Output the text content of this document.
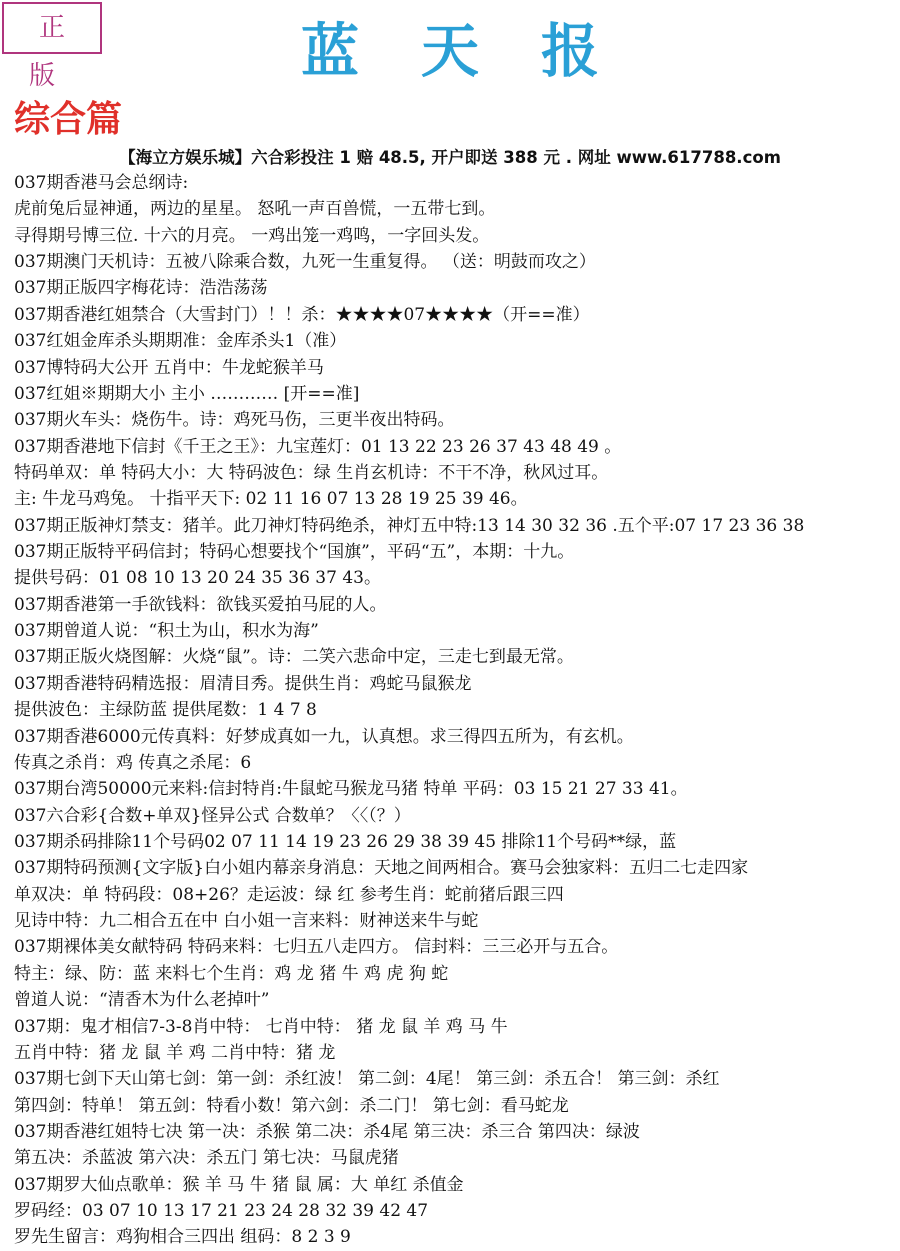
正版	蓝天报
综合篇
【海立方娱乐城】六合彩投注 1 赔 48.5, 开户即送 388 元 . 网址 www.617788.com
037期香港马会总纲诗:
虎前兔后显神通，两边的星星。 怒吼一声百兽慌，一五带七到。
寻得期号博三位. 十六的月亮。 一鸡出笼一鸡鸣，一字回头发。
037期澳门天机诗：五被八除乘合数，九死一生重复得。 （送：明鼓而攻之）
037期正版四字梅花诗：浩浩荡荡
037期香港红姐禁合（大雪封门）！！杀：★★★★07★★★★（开==准）
037红姐金库杀头期期准：金库杀头1（准）
037博特码大公开 五肖中：牛龙蛇猴羊马
037红姐※期期大小 主小 ………… [开==准]
037期火车头：烧伤牛。诗：鸡死马伤，三更半夜出特码。
037期香港地下信封《千王之王》：九宝莲灯：01 13 22 23 26 37 43 48 49 。
特码单双：单 特码大小：大 特码波色：绿 生肖玄机诗：不干不净，秋风过耳。
主: 牛龙马鸡兔。 十指平天下: 02 11 16 07 13 28 19 25 39 46。
037期正版神灯禁支：猪羊。此刀神灯特码绝杀，神灯五中特:13 14 30 32 36 .五个平:07 17 23 36 38
037期正版特平码信封；特码心想要找个“国旗”，平码“五”，本期：十九。
提供号码：01 08 10 13 20 24 35 36 37 43。
037期香港第一手欲钱料：欲钱买爱拍马屁的人。
037期曾道人说：“积土为山，积水为海”
037期正版火烧图解：火烧“鼠”。诗：二笑六悲命中定，三走七到最无常。
037期香港特码精选报：眉清目秀。提供生肖：鸡蛇马鼠猴龙
提供波色：主绿防蓝 提供尾数：1 4 7 8
037期香港6000元传真料：好梦成真如一九，认真想。求三得四五所为，有玄机。
传真之杀肖：鸡 传真之杀尾：6
037期台湾50000元来料:信封特肖:牛鼠蛇马猴龙马猪 特单 平码：03 15 21 27 33 41。
037六合彩{合数+单双}怪异公式 合数单？〈〈（？）
037期杀码排除11个号码02 07 11 14 19 23 26 29 38 39 45 排除11个号码**绿，蓝
037期特码预测{文字版}白小姐内幕亲身消息：天地之间两相合。赛马会独家料：五归二七走四家
单双决：单 特码段：08+26？走运波：绿 红 参考生肖：蛇前猪后跟三四
见诗中特：九二相合五在中 白小姐一言来料：财神送来牛与蛇
037期裸体美女献特码 特码来料：七归五八走四方。 信封料：三三必开与五合。
特主：绿、防：蓝 来料七个生肖：鸡 龙 猪 牛 鸡 虎 狗 蛇
曾道人说：“清香木为什么老掉叶”
037期：鬼才相信7-3-8肖中特： 七肖中特： 猪 龙 鼠 羊 鸡 马 牛
五肖中特：猪 龙 鼠 羊 鸡 二肖中特：猪 龙
037期七剑下天山第七剑：第一剑：杀红波！ 第二剑：4尾！ 第三剑：杀五合！ 第三剑：杀红
第四剑：特单！ 第五剑：特看小数！第六剑：杀二门！ 第七剑：看马蛇龙
037期香港红姐特七决 第一决：杀猴 第二决：杀4尾 第三决：杀三合 第四决：绿波
第五决：杀蓝波 第六决：杀五门 第七决：马鼠虎猪
037期罗大仙点歌单：猴 羊 马 牛 猪 鼠 属：大 单红 杀值金
罗码经：03 07 10 13 17 21 23 24 28 32 39 42 47
罗先生留言：鸡狗相合三四出 组码：8 2 3 9
